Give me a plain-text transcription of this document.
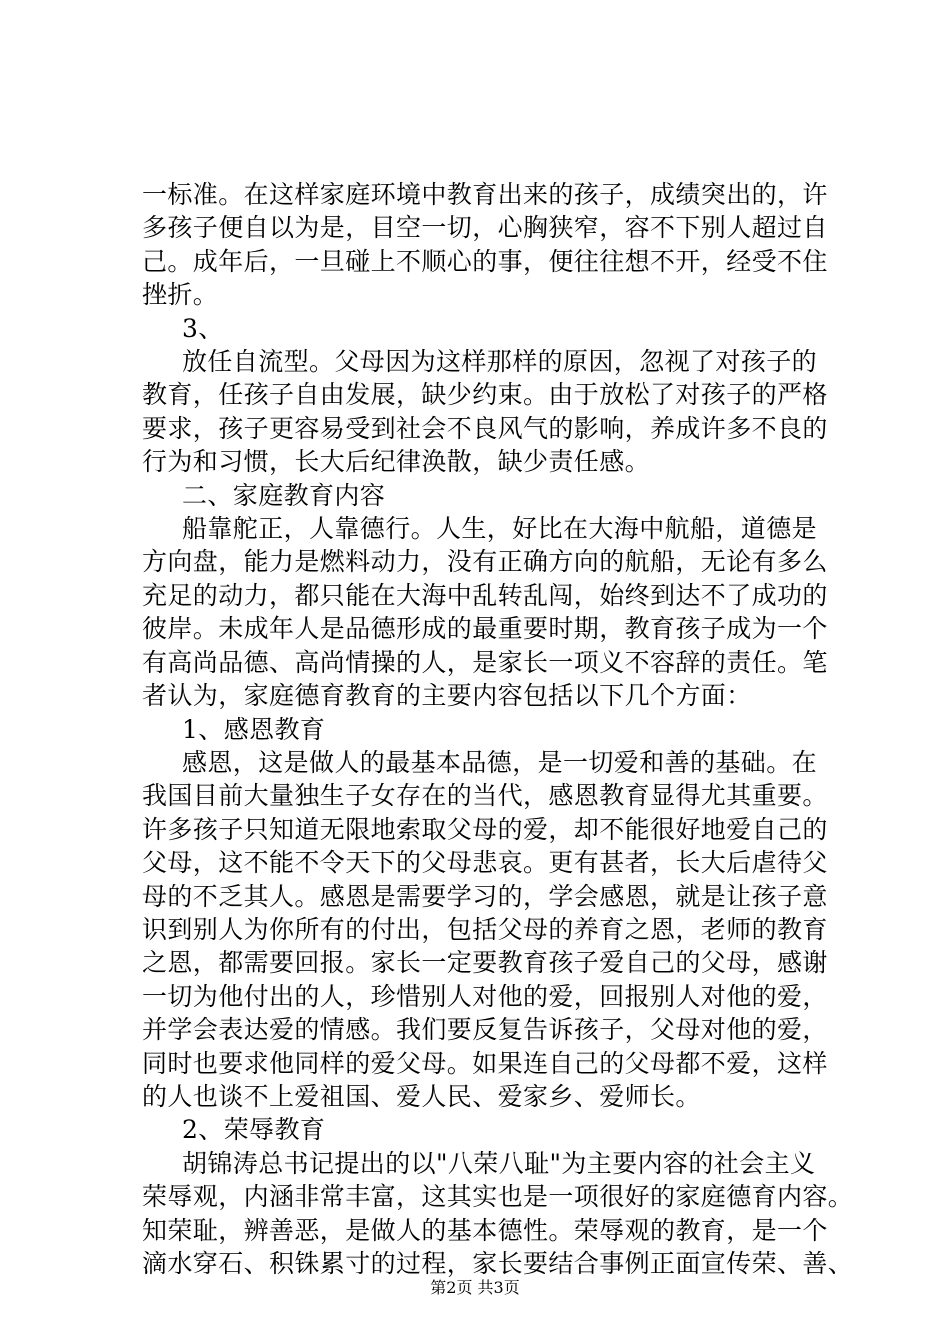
一标准。在这样家庭环境中教育出来的孩子，成绩突出的，许

多孩子便自以为是，目空一切，心胸狭窄，容不下别人超过自

己。成年后，一旦碰上不顺心的事，便往往想不开，经受不住

挫折。

3、

放任自流型。父母因为这样那样的原因，忽视了对孩子的

教育，任孩子自由发展，缺少约束。由于放松了对孩子的严格

要求，孩子更容易受到社会不良风气的影响，养成许多不良的

行为和习惯，长大后纪律涣散，缺少责任感。

二、家庭教育内容

船靠舵正，人靠德行。人生，好比在大海中航船，道德是

方向盘，能力是燃料动力，没有正确方向的航船，无论有多么

充足的动力，都只能在大海中乱转乱闯，始终到达不了成功的

彼岸。未成年人是品德形成的最重要时期，教育孩子成为一个

有高尚品德、高尚情操的人，是家长一项义不容辞的责任。笔

者认为，家庭德育教育的主要内容包括以下几个方面：

1、感恩教育

感恩，这是做人的最基本品德，是一切爱和善的基础。在

我国目前大量独生子女存在的当代，感恩教育显得尤其重要。

许多孩子只知道无限地索取父母的爱，却不能很好地爱自己的

父母，这不能不令天下的父母悲哀。更有甚者，长大后虐待父

母的不乏其人。感恩是需要学习的，学会感恩，就是让孩子意

识到别人为你所有的付出，包括父母的养育之恩，老师的教育

之恩，都需要回报。家长一定要教育孩子爱自己的父母，感谢

一切为他付出的人，珍惜别人对他的爱，回报别人对他的爱，

并学会表达爱的情感。我们要反复告诉孩子，父母对他的爱，

同时也要求他同样的爱父母。如果连自己的父母都不爱，这样

的人也谈不上爱祖国、爱人民、爱家乡、爱师长。

2、荣辱教育

胡锦涛总书记提出的以"八荣八耻"为主要内容的社会主义

荣辱观，内涵非常丰富，这其实也是一项很好的家庭德育内容。

知荣耻，辨善恶，是做人的基本德性。荣辱观的教育，是一个

滴水穿石、积铢累寸的过程，家长要结合事例正面宣传荣、善、

第2页 共3页
